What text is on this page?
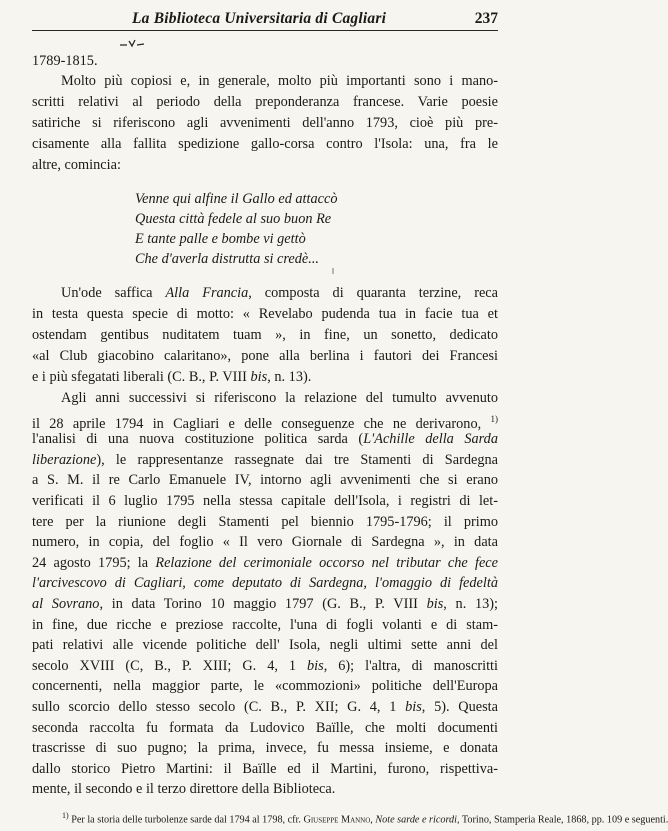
La Biblioteca Universitaria di Cagliari	237
1789-1815.
Molto più copiosi e, in generale, molto più importanti sono i mano-
scritti relativi al periodo della preponderanza francese. Varie poesie
satiriche si riferiscono agli avvenimenti dell'anno 1793, cioè più pre-
cisamente alla fallita spedizione gallo-corsa contro l'Isola: una, fra le
altre, comincia:
Venne qui alfine il Gallo ed attaccò
Questa città fedele al suo buon Re
E tante palle e bombe vi gettò
Che d'averla distrutta si credè...
Un'ode saffica Alla Francia, composta di quaranta terzine, reca
in testa questa specie di motto: « Revelabo pudenda tua in facie tua et
ostendam gentibus nuditatem tuam », in fine, un sonetto, dedicato
«al Club giacobino calaritano», pone alla berlina i fautori dei Francesi
e i più sfegatati liberali (C. B., P. VIII bis, n. 13).
Agli anni successivi si riferiscono la relazione del tumulto avvenuto
il 28 aprile 1794 in Cagliari e delle conseguenze che ne derivarono, $^{1)}$
l'analisi di una nuova costituzione politica sarda (L'Achille della Sarda
liberazione), le rappresentanze rassegnate dai tre Stamenti di Sardegna
a S. M. il re Carlo Emanuele IV, intorno agli avvenimenti che si erano
verificati il 6 luglio 1795 nella stessa capitale dell'Isola, i registri di let-
tere per la riunione degli Stamenti pel biennio 1795-1796; il primo
numero, in copia, del foglio « Il vero Giornale di Sardegna », in data
24 agosto 1795; la Relazione del cerimoniale occorso nel tributar che fece
l'arcivescovo di Cagliari, come deputato di Sardegna, l'omaggio di fedeltà
al Sovrano, in data Torino 10 maggio 1797 (G. B., P. VIII bis, n. 13);
in fine, due ricche e preziose raccolte, l'una di fogli volanti e di stam-
pati relativi alle vicende politiche dell' Isola, negli ultimi sette anni del
secolo XVIII (C, B., P. XIII; G. 4, 1 bis, 6); l'altra, di manoscritti
concernenti, nella maggior parte, le «commozioni» politiche dell'Europa
sullo scorcio dello stesso secolo (C. B., P. XII; G. 4, 1 bis, 5). Questa
seconda raccolta fu formata da Ludovico Baïlle, che molti documenti
trascrisse di suo pugno; la prima, invece, fu messa insieme, e donata
dallo storico Pietro Martini: il Baïlle ed il Martini, furono, rispettiva-
mente, il secondo e il terzo direttore della Biblioteca.
$^{1)}$ Per la storia delle turbolenze sarde dal 1794 al 1798, cfr. Giuseppe Manno, Note sarde e ricordi, Torino, Stamperia Reale, 1868, pp. 109 e seguenti.
